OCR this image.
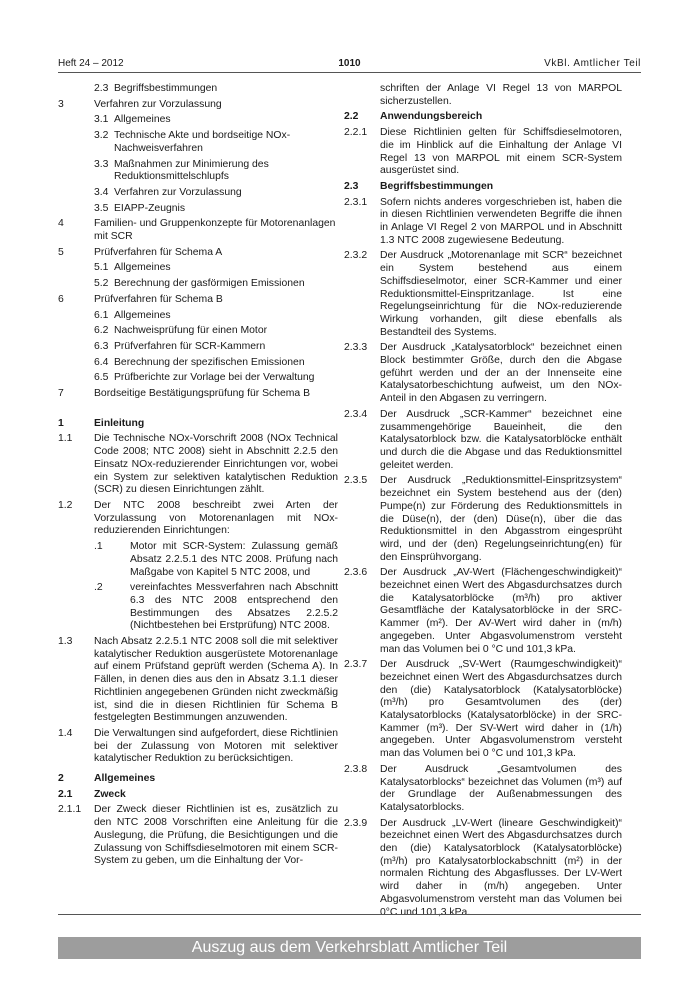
Heft 24 – 2012	1010	VkBl. Amtlicher Teil
2.3 Begriffsbestimmungen
3	Verfahren zur Vorzulassung
3.1 Allgemeines
3.2 Technische Akte und bordseitige NOx-Nachweisverfahren
3.3 Maßnahmen zur Minimierung des Reduktionsmittelschlupfs
3.4 Verfahren zur Vorzulassung
3.5 EIAPP-Zeugnis
4	Familien- und Gruppenkonzepte für Motorenanlagen mit SCR
5	Prüfverfahren für Schema A
5.1 Allgemeines
5.2 Berechnung der gasförmigen Emissionen
6	Prüfverfahren für Schema B
6.1 Allgemeines
6.2 Nachweisprüfung für einen Motor
6.3 Prüfverfahren für SCR-Kammern
6.4 Berechnung der spezifischen Emissionen
6.5 Prüfberichte zur Vorlage bei der Verwaltung
7	Bordseitige Bestätigungsprüfung für Schema B
1	Einleitung
1.1 Die Technische NOx-Vorschrift 2008 (NOx Technical Code 2008; NTC 2008) sieht in Abschnitt 2.2.5 den Einsatz NOx-reduzierender Einrichtungen vor, wobei ein System zur selektiven katalytischen Reduktion (SCR) zu diesen Einrichtungen zählt.
1.2 Der NTC 2008 beschreibt zwei Arten der Vorzulassung von Motorenanlagen mit NOx-reduzierenden Einrichtungen:
.1	Motor mit SCR-System: Zulassung gemäß Absatz 2.2.5.1 des NTC 2008. Prüfung nach Maßgabe von Kapitel 5 NTC 2008, und
.2	vereinfachtes Messverfahren nach Abschnitt 6.3 des NTC 2008 entsprechend den Bestimmungen des Absatzes 2.2.5.2 (Nichtbestehen bei Erstprüfung) NTC 2008.
1.3 Nach Absatz 2.2.5.1 NTC 2008 soll die mit selektiver katalytischer Reduktion ausgerüstete Motorenanlage auf einem Prüfstand geprüft werden (Schema A). In Fällen, in denen dies aus den in Absatz 3.1.1 dieser Richtlinien angegebenen Gründen nicht zweckmäßig ist, sind die in diesen Richtlinien für Schema B festgelegten Bestimmungen anzuwenden.
1.4 Die Verwaltungen sind aufgefordert, diese Richtlinien bei der Zulassung von Motoren mit selektiver katalytischer Reduktion zu berücksichtigen.
2	Allgemeines
2.1 Zweck
2.1.1 Der Zweck dieser Richtlinien ist es, zusätzlich zu den NTC 2008 Vorschriften eine Anleitung für die Auslegung, die Prüfung, die Besichtigungen und die Zulassung von Schiffsdieselmotoren mit einem SCR-System zu geben, um die Einhaltung der Vor-
schriften der Anlage VI Regel 13 von MARPOL sicherzustellen.
2.2 Anwendungsbereich
2.2.1 Diese Richtlinien gelten für Schiffsdieselmotoren, die im Hinblick auf die Einhaltung der Anlage VI Regel 13 von MARPOL mit einem SCR-System ausgerüstet sind.
2.3 Begriffsbestimmungen
2.3.1 Sofern nichts anderes vorgeschrieben ist, haben die in diesen Richtlinien verwendeten Begriffe die ihnen in Anlage VI Regel 2 von MARPOL und in Abschnitt 1.3 NTC 2008 zugewiesene Bedeutung.
2.3.2 Der Ausdruck „Motorenanlage mit SCR“ bezeichnet ein System bestehend aus einem Schiffsdieselmotor, einer SCR-Kammer und einer Reduktionsmittel-Einspritzanlage. Ist eine Regelungseinrichtung für die NOx-reduzierende Wirkung vorhanden, gilt diese ebenfalls als Bestandteil des Systems.
2.3.3 Der Ausdruck „Katalysatorblock“ bezeichnet einen Block bestimmter Größe, durch den die Abgase geführt werden und der an der Innenseite eine Katalysatorbeschichtung aufweist, um den NOx-Anteil in den Abgasen zu verringern.
2.3.4 Der Ausdruck „SCR-Kammer“ bezeichnet eine zusammengehörige Baueinheit, die den Katalysatorblock bzw. die Katalysatorblöcke enthält und durch die die Abgase und das Reduktionsmittel geleitet werden.
2.3.5 Der Ausdruck „Reduktionsmittel-Einspritzsystem“ bezeichnet ein System bestehend aus der (den) Pumpe(n) zur Förderung des Reduktionsmittels in die Düse(n), der (den) Düse(n), über die das Reduktionsmittel in den Abgasstrom eingesprüht wird, und der (den) Regelungseinrichtung(en) für den Einsprühvorgang.
2.3.6 Der Ausdruck „AV-Wert (Flächengeschwindigkeit)“ bezeichnet einen Wert des Abgasdurchsatzes durch die Katalysatorblöcke (m³/h) pro aktiver Gesamtfläche der Katalysatorblöcke in der SRC-Kammer (m²). Der AV-Wert wird daher in (m/h) angegeben. Unter Abgasvolumenstrom versteht man das Volumen bei 0 °C und 101,3 kPa.
2.3.7 Der Ausdruck „SV-Wert (Raumgeschwindigkeit)“ bezeichnet einen Wert des Abgasdurchsatzes durch den (die) Katalysatorblock (Katalysatorblöcke) (m³/h) pro Gesamtvolumen des (der) Katalysatorblocks (Katalysatorblöcke) in der SRC-Kammer (m³). Der SV-Wert wird daher in (1/h) angegeben. Unter Abgasvolumenstrom versteht man das Volumen bei 0 °C und 101,3 kPa.
2.3.8 Der Ausdruck „Gesamtvolumen des Katalysatorblocks“ bezeichnet das Volumen (m³) auf der Grundlage der Außenabmessungen des Katalysatorblocks.
2.3.9 Der Ausdruck „LV-Wert (lineare Geschwindigkeit)“ bezeichnet einen Wert des Abgasdurchsatzes durch den (die) Katalysatorblock (Katalysatorblöcke) (m³/h) pro Katalysatorblockabschnitt (m²) in der normalen Richtung des Abgasflusses. Der LV-Wert wird daher in (m/h) angegeben. Unter Abgasvolumenstrom versteht man das Volumen bei 0°C und 101,3 kPa.
Auszug aus dem Verkehrsblatt Amtlicher Teil
